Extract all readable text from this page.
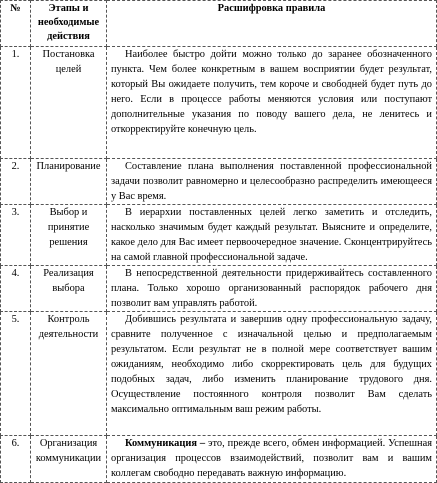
№	Этапы и необходимые действия	Расшифровка правила
1.	Постановка целей	Наиболее быстро дойти можно только до заранее обозначенного пункта. Чем более конкретным в вашем восприятии будет результат, который Вы ожидаете получить, тем короче и свободней будет путь до него. Если в процессе работы меняются условия или поступают дополнительные указания по поводу вашего дела, не ленитесь и откорректируйте конечную цель.
2.	Планирование	Составление плана выполнения поставленной профессиональной задачи позволит равномерно и целесообразно распределить имеющееся у Вас время.
3.	Выбор и принятие решения	В иерархии поставленных целей легко заметить и отследить, насколько значимым будет каждый результат. Выясните и определите, какое дело для Вас имеет первоочередное значение. Сконцентрируйтесь на самой главной профессиональной задаче.
4.	Реализация выбора	В непосредственной деятельности придерживайтесь составленного плана. Только хорошо организованный распорядок рабочего дня позволит вам управлять работой.
5.	Контроль деятельности	Добившись результата и завершив одну профессиональную задачу, сравните полученное с изначальной целью и предполагаемым результатом. Если результат не в полной мере соответствует вашим ожиданиям, необходимо либо скорректировать цель для будущих подобных задач, либо изменить планирование трудового дня. Осуществление постоянного контроля позволит Вам сделать максимально оптимальным ваш режим работы.
6.	Организация коммуникации	Коммуникация – это, прежде всего, обмен информацией. Успешная организация процессов взаимодействий, позволит вам и вашим коллегам свободно передавать важную информацию.
